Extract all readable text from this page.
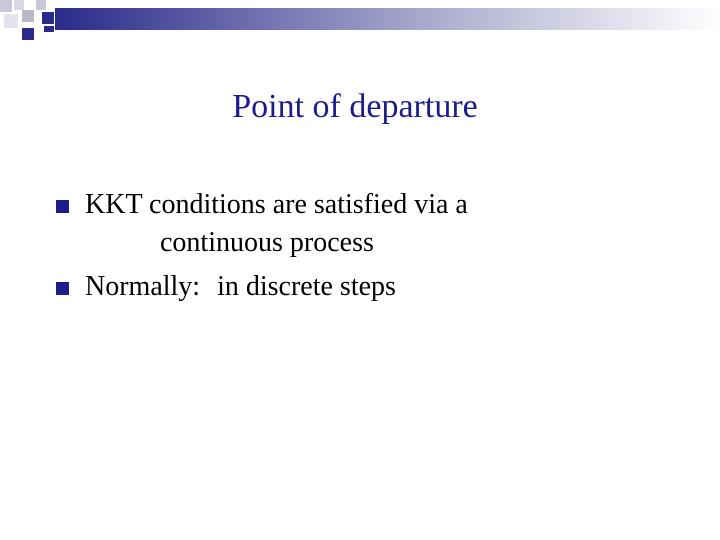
Point of departure
KKT conditions are satisfied via a
continuous process
Normally: in discrete steps
